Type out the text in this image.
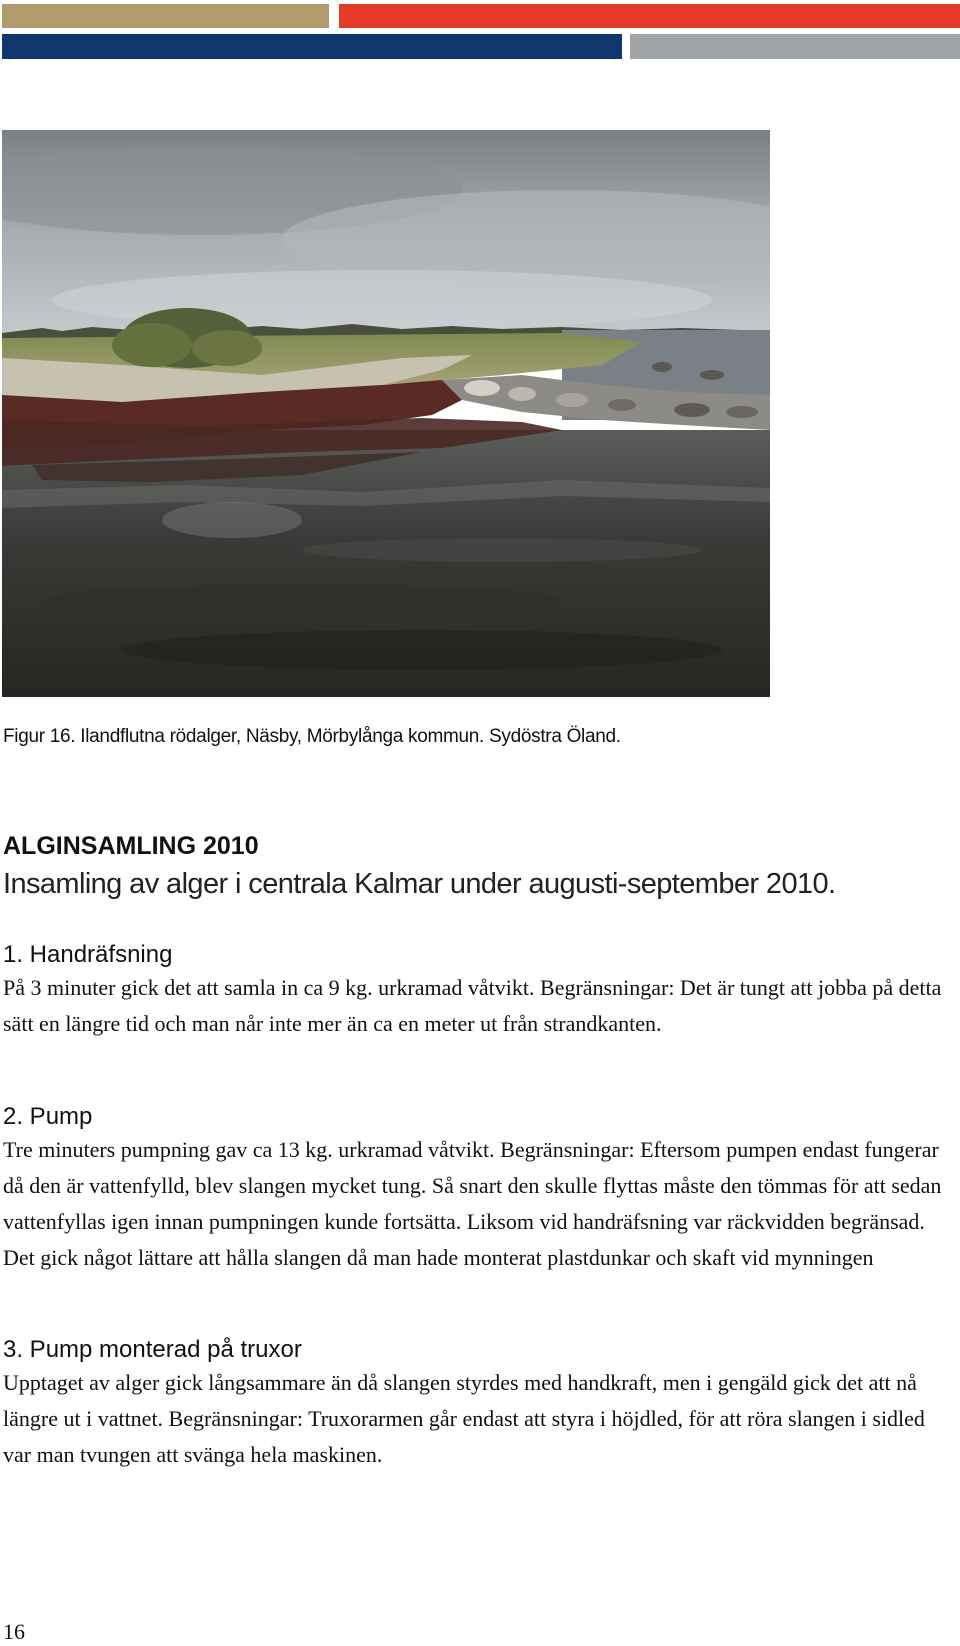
Figur 16. Ilandflutna rödalger, Näsby, Mörbylånga kommun. Sydöstra Öland.
ALGINSAMLING 2010
Insamling av alger i centrala Kalmar under augusti-september 2010.
1. Handräfsning
På 3 minuter gick det att samla in ca 9 kg. urkramad våtvikt. Begränsningar: Det är tungt att jobba på detta sätt en längre tid och man når inte mer än ca en meter ut från strandkanten.
2. Pump
Tre minuters pumpning gav ca 13 kg. urkramad våtvikt. Begränsningar: Eftersom pumpen endast fungerar då den är vattenfylld, blev slangen mycket tung. Så snart den skulle flyttas måste den tömmas för att sedan vattenfyllas igen innan pumpningen kunde fortsätta. Liksom vid handräfsning var räckvidden begränsad. Det gick något lättare att hålla slangen då man hade monterat plastdunkar och skaft vid mynningen
3. Pump monterad på truxor
Upptaget av alger gick långsammare än då slangen styrdes med handkraft, men i gengäld gick det att nå längre ut i vattnet. Begränsningar: Truxorarmen går endast att styra i höjdled, för att röra slangen i sidled var man tvungen att svänga hela maskinen.
16
